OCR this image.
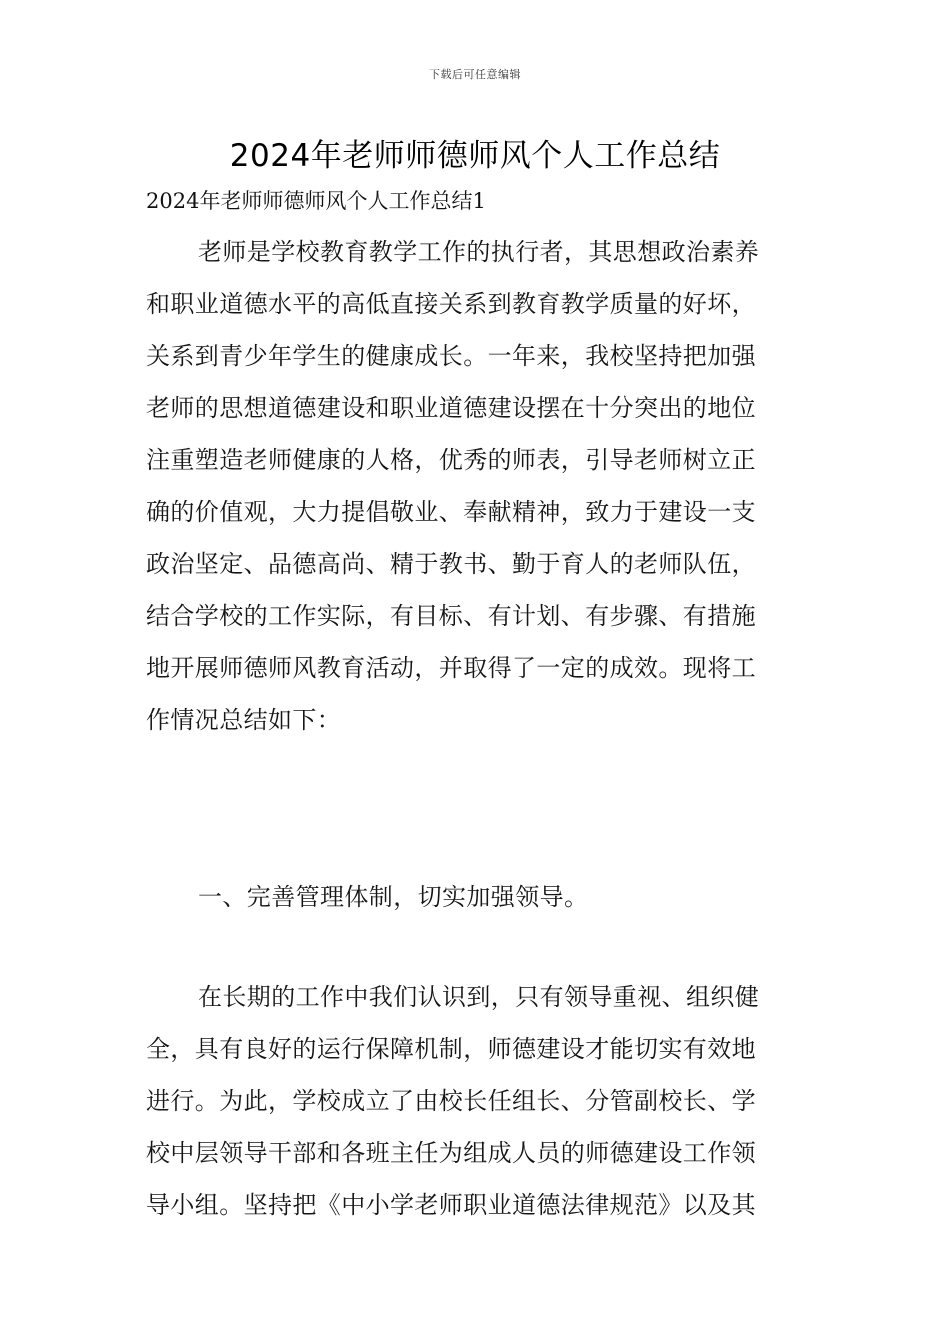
下载后可任意编辑
2024年老师师德师风个人工作总结
2024年老师师德师风个人工作总结1
老师是学校教育教学工作的执行者，其思想政治素养
和职业道德水平的高低直接关系到教育教学质量的好坏，
关系到青少年学生的健康成长。一年来，我校坚持把加强
老师的思想道德建设和职业道德建设摆在十分突出的地位
注重塑造老师健康的人格，优秀的师表，引导老师树立正
确的价值观，大力提倡敬业、奉献精神，致力于建设一支
政治坚定、品德高尚、精于教书、勤于育人的老师队伍，
结合学校的工作实际，有目标、有计划、有步骤、有措施
地开展师德师风教育活动，并取得了一定的成效。现将工
作情况总结如下：
一、完善管理体制，切实加强领导。
在长期的工作中我们认识到，只有领导重视、组织健
全，具有良好的运行保障机制，师德建设才能切实有效地
进行。为此，学校成立了由校长任组长、分管副校长、学
校中层领导干部和各班主任为组成人员的师德建设工作领
导小组。坚持把《中小学老师职业道德法律规范》以及其
